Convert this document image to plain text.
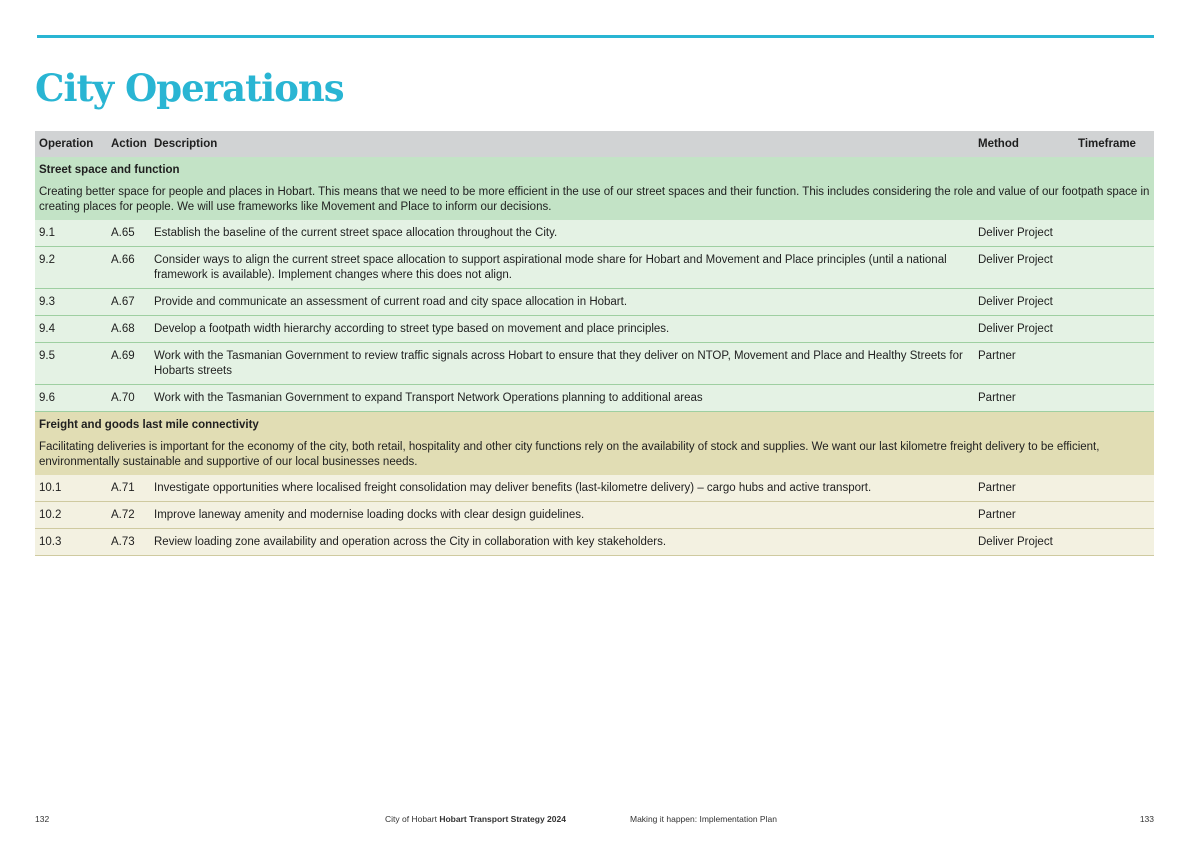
City Operations
Operation	Action	Description	Method	Timeframe
Street space and function				
Creating better space for people and places in Hobart. This means that we need to be more efficient in the use of our street spaces and their function. This includes considering the role and value of our footpath space in creating places for people. We will use frameworks like Movement and Place to inform our decisions.				
9.1	A.65	Establish the baseline of the current street space allocation throughout the City.	Deliver Project	
9.2	A.66	Consider ways to align the current street space allocation to support aspirational mode share for Hobart and Movement and Place principles (until a national framework is available). Implement changes where this does not align.	Deliver Project	
9.3	A.67	Provide and communicate an assessment of current road and city space allocation in Hobart.	Deliver Project	
9.4	A.68	Develop a footpath width hierarchy according to street type based on movement and place principles.	Deliver Project	
9.5	A.69	Work with the Tasmanian Government to review traffic signals across Hobart to ensure that they deliver on NTOP, Movement and Place and Healthy Streets for Hobarts streets	Partner	
9.6	A.70	Work with the Tasmanian Government to expand Transport Network Operations planning to additional areas	Partner	
Freight and goods last mile connectivity				
Facilitating deliveries is important for the economy of the city, both retail, hospitality and other city functions rely on the availability of stock and supplies. We want our last kilometre freight delivery to be efficient, environmentally sustainable and supportive of our local businesses needs.				
10.1	A.71	Investigate opportunities where localised freight consolidation may deliver benefits (last-kilometre delivery) – cargo hubs and active transport.	Partner	
10.2	A.72	Improve laneway amenity and modernise loading docks with clear design guidelines.	Partner	
10.3	A.73	Review loading zone availability and operation across the City in collaboration with key stakeholders.	Deliver Project	
132	City of Hobart Hobart Transport Strategy 2024	Making it happen: Implementation Plan	133
